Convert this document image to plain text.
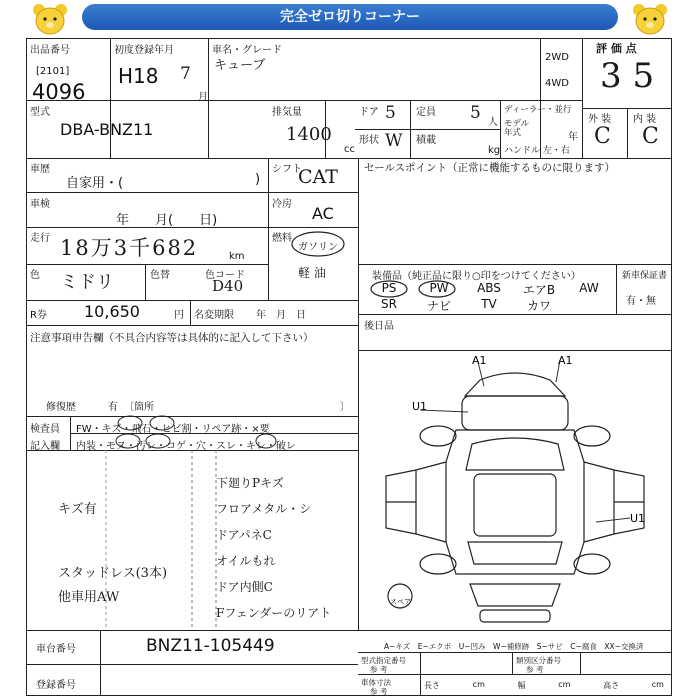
完全ゼロ切りコーナー
出品番号
[2101]
4096
初度登録年月
H18 7
月
車名・グレード
キューブ
2WD
4WD
評 価 点
3 5
型式
DBA-BNZ11
排気量
1400
cc
ドア 5
形状 W
定員 5 人
積載
kg
ディーラー・並行
モデル年式	年
ハンドル 左・右
外 装 内 装
C C
車歴
自家用・(	)
シフト
CAT
車検
年　　月(　　日)
冷房 AC
走行 18万3千682	km
燃料
ガソリン
軽 油
色 ミドリ	色替	色コード
D40
R券 10,650	円 名変期限 年　月　日
セールスポイント（正常に機能するものに限ります）
装備品（純正品に限り○印をつけてください）	新車保証書
有・無
PS	PW	ABS	エアB	AW
SR	ナビ	TV	カワ
後日品
注意事項申告欄（不具合内容等は具体的に記入して下さい）
修復歴	有 〔箇所	〕
検査員
記入欄
FW・キズ・飛石・ヒビ割・リペア跡・×要
内装・モヌ・汚レ・コゲ・穴・スレ・キレ・破レ
キズ有
スタッドレス(3本)
他車用AW
下廻りPキズ
フロアメタル・シ
ドアパネC
オイルもれ
ドア内側C
Fフェンダーのリアト
A1	A1
U1
U1
スペア
車台番号	BNZ11-105449
登録番号
A−キズ　E−エクボ　U−凹み　W−補修跡　S−サビ　C−腐食　XX−交換済
型式指定番号
参 考
類別区分番号
参 考
車体寸法
参 考
長さ	cm	幅	cm	高さ	cm
